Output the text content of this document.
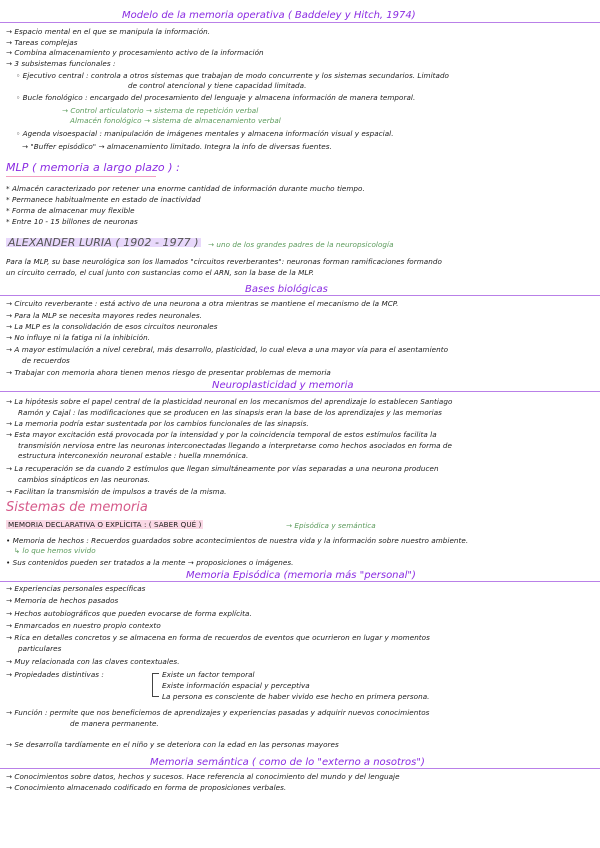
Modelo de la memoria operativa ( Baddeley y Hitch, 1974)
→ Espacio mental en el que se manipula la información.
→ Tareas complejas
→ Combina almacenamiento y procesamiento activo de la información
→ 3 subsistemas funcionales :
◦ Ejecutivo central : controla a otros sistemas que trabajan de modo concurrente y los sistemas secundarios. Limitado
de control atencional y tiene capacidad limitada.
◦ Bucle fonológico : encargado del procesamiento del lenguaje y almacena información de manera temporal.
→ Control articulatorio → sistema de repetición verbal
Almacén fonológico → sistema de almacenamiento verbal
◦ Agenda visoespacial : manipulación de imágenes mentales y almacena información visual y espacial.
→ "Buffer episódico" → almacenamiento limitado. Integra la info de diversas fuentes.
MLP ( memoria a largo plazo ) :
* Almacén caracterizado por retener una enorme cantidad de información durante mucho tiempo.
* Permanece habitualmente en estado de inactividad
* Forma de almacenar muy flexible
* Entre 10 - 15 billones de neuronas
ALEXANDER LURIA ( 1902 - 1977 ) → uno de los grandes padres de la neuropsicología
Para la MLP, su base neurológica son los llamados "circuitos reverberantes": neuronas forman ramificaciones formando
un circuito cerrado, el cual junto con sustancias como el ARN, son la base de la MLP.
Bases biológicas
→ Circuito reverberante : está activo de una neurona a otra mientras se mantiene el mecanismo de la MCP.
→ Para la MLP se necesita mayores redes neuronales.
→ La MLP es la consolidación de esos circuitos neuronales
→ No influye ni la fatiga ni la inhibición.
→ A mayor estimulación a nivel cerebral, más desarrollo, plasticidad, lo cual eleva a una mayor vía para el asentamiento
de recuerdos
→ Trabajar con memoria ahora tienen menos riesgo de presentar problemas de memoria
Neuroplasticidad y memoria
→ La hipótesis sobre el papel central de la plasticidad neuronal en los mecanismos del aprendizaje lo establecen Santiago
Ramón y Cajal : las modificaciones que se producen en las sinapsis eran la base de los aprendizajes y las memorias
→ La memoria podría estar sustentada por los cambios funcionales de las sinapsis.
→ Esta mayor excitación está provocada por la intensidad y por la coincidencia temporal de estos estímulos facilita la
transmisión nerviosa entre las neuronas interconectadas llegando a interpretarse como hechos asociados en forma de
estructura interconexión neuronal estable : huella mnemónica.
→ La recuperación se da cuando 2 estímulos que llegan simultáneamente por vías separadas a una neurona producen
cambios sinápticos en las neuronas.
→ Facilitan la transmisión de impulsos a través de la misma.
Sistemas de memoria
MEMORIA DECLARATIVA O EXPLÍCITA : ( SABER QUÉ )	→ Episódica y semántica
• Memoria de hechos : Recuerdos guardados sobre acontecimientos de nuestra vida y la información sobre nuestro ambiente.
↳ lo que hemos vivido
• Sus contenidos pueden ser tratados a la mente → proposiciones o imágenes.
Memoria Episódica (memoria más "personal")
→ Experiencias personales específicas
→ Memoria de hechos pasados
→ Hechos autobiográficos que pueden evocarse de forma explícita.
→ Enmarcados en nuestro propio contexto
→ Rica en detalles concretos y se almacena en forma de recuerdos de eventos que ocurrieron en lugar y momentos
particulares
→ Muy relacionada con las claves contextuales.
→ Propiedades distintivas :	Existe un factor temporal
Existe información espacial y perceptiva
La persona es consciente de haber vivido ese hecho en primera persona.
→ Función : permite que nos beneficiemos de aprendizajes y experiencias pasadas y adquirir nuevos conocimientos
de manera permanente.
→ Se desarrolla tardíamente en el niño y se deteriora con la edad en las personas mayores
Memoria semántica ( como de lo "externo a nosotros")
→ Conocimientos sobre datos, hechos y sucesos. Hace referencia al conocimiento del mundo y del lenguaje
→ Conocimiento almacenado codificado en forma de proposiciones verbales.
